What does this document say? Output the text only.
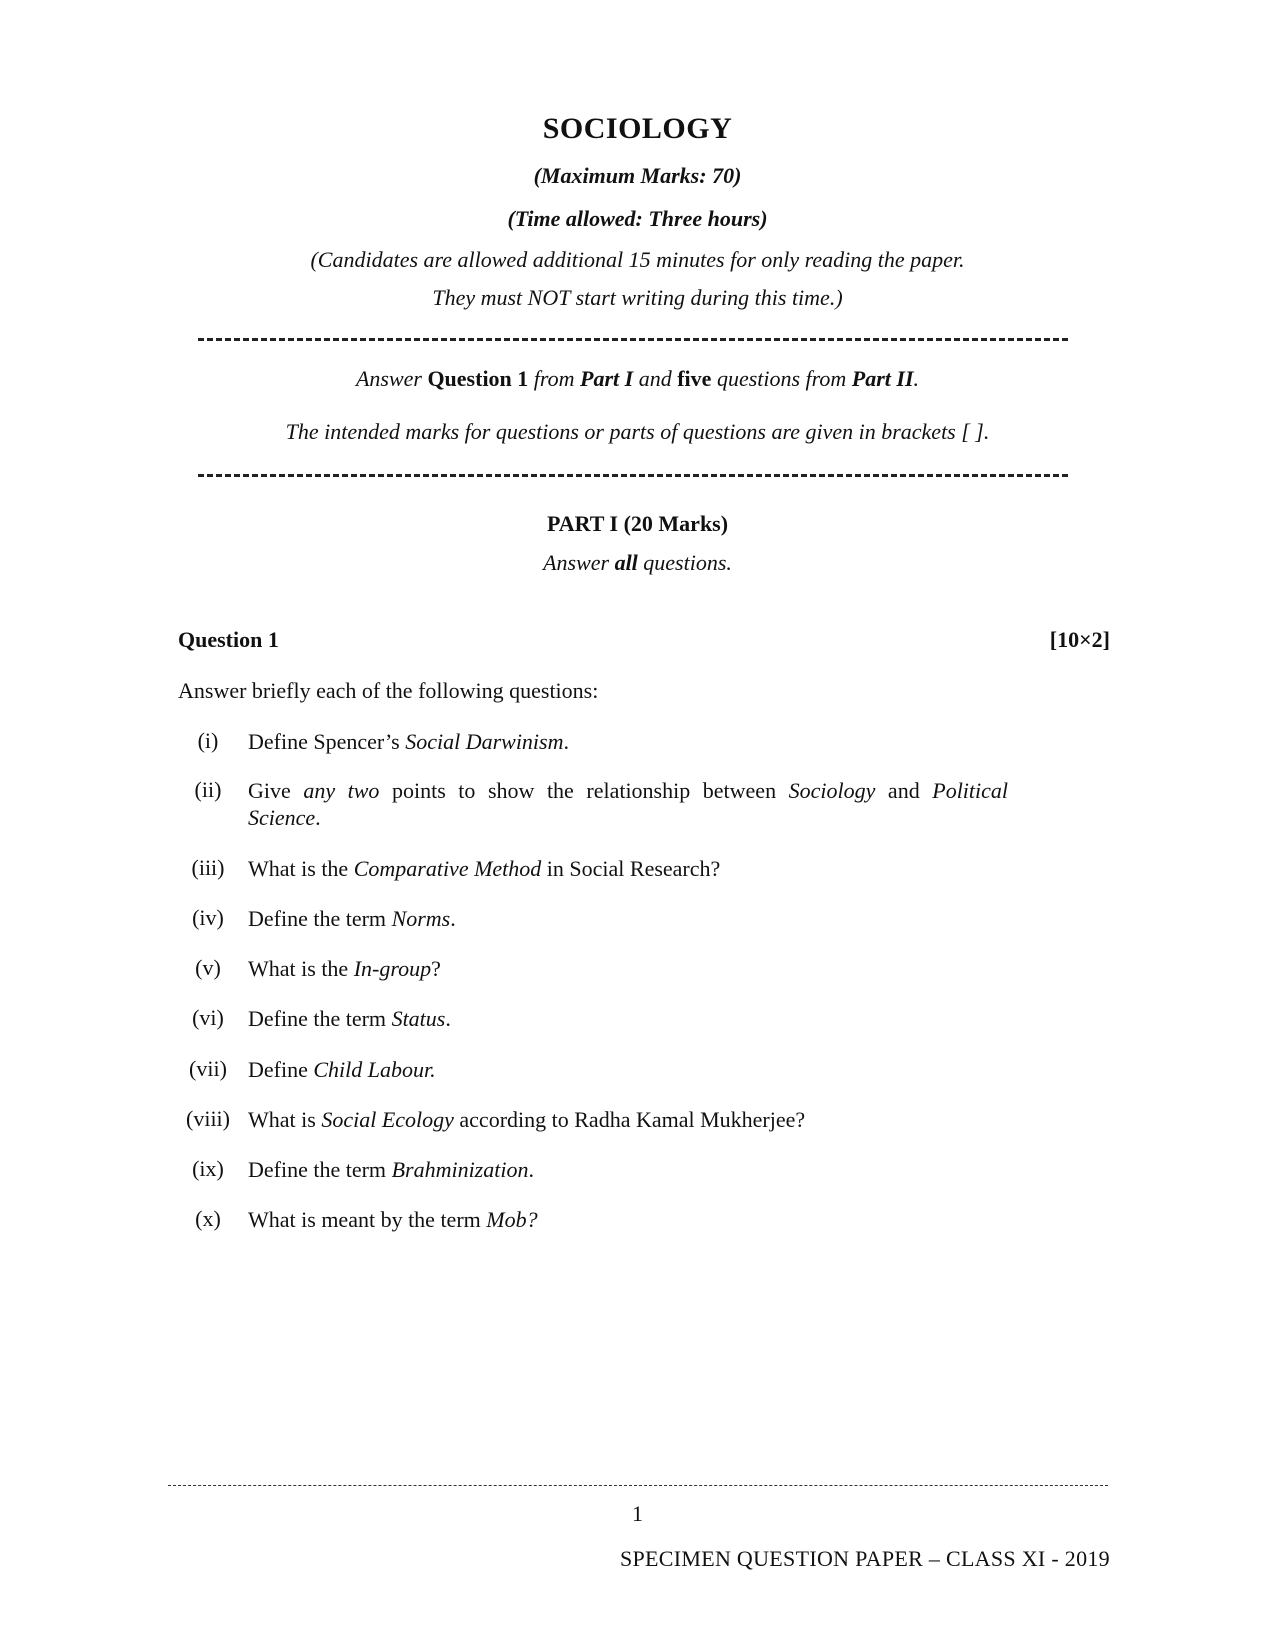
SOCIOLOGY
(Maximum Marks: 70)
(Time allowed: Three hours)
(Candidates are allowed additional 15 minutes for only reading the paper.
They must NOT start writing during this time.)
Answer Question 1 from Part I and five questions from Part II.
The intended marks for questions or parts of questions are given in brackets [ ].
PART I (20 Marks)
Answer all questions.
Question 1	[10×2]
Answer briefly each of the following questions:
(i)	Define Spencer’s Social Darwinism.
(ii)	Give any two points to show the relationship between Sociology and Political Science.
(iii)	What is the Comparative Method in Social Research?
(iv)	Define the term Norms.
(v)	What is the In-group?
(vi)	Define the term Status.
(vii) Define Child Labour.
(viii) What is Social Ecology according to Radha Kamal Mukherjee?
(ix)	Define the term Brahminization.
(x)	What is meant by the term Mob?
1
SPECIMEN QUESTION PAPER – CLASS XI - 2019
